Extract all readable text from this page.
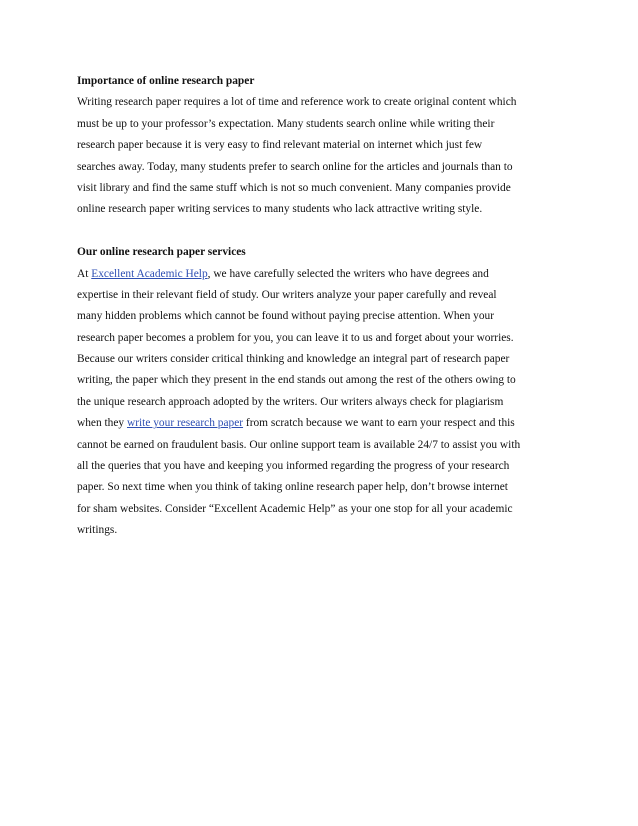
Importance of online research paper
Writing research paper requires a lot of time and reference work to create original content which
must be up to your professor’s expectation. Many students search online while writing their
research paper because it is very easy to find relevant material on internet which just few
searches away. Today, many students prefer to search online for the articles and journals than to
visit library and find the same stuff which is not so much convenient. Many companies provide
online research paper writing services to many students who lack attractive writing style.
Our online research paper services
At Excellent Academic Help, we have carefully selected the writers who have degrees and
expertise in their relevant field of study. Our writers analyze your paper carefully and reveal
many hidden problems which cannot be found without paying precise attention. When your
research paper becomes a problem for you, you can leave it to us and forget about your worries.
Because our writers consider critical thinking and knowledge an integral part of research paper
writing, the paper which they present in the end stands out among the rest of the others owing to
the unique research approach adopted by the writers. Our writers always check for plagiarism
when they write your research paper from scratch because we want to earn your respect and this
cannot be earned on fraudulent basis. Our online support team is available 24/7 to assist you with
all the queries that you have and keeping you informed regarding the progress of your research
paper. So next time when you think of taking online research paper help, don’t browse internet
for sham websites. Consider “Excellent Academic Help” as your one stop for all your academic
writings.
